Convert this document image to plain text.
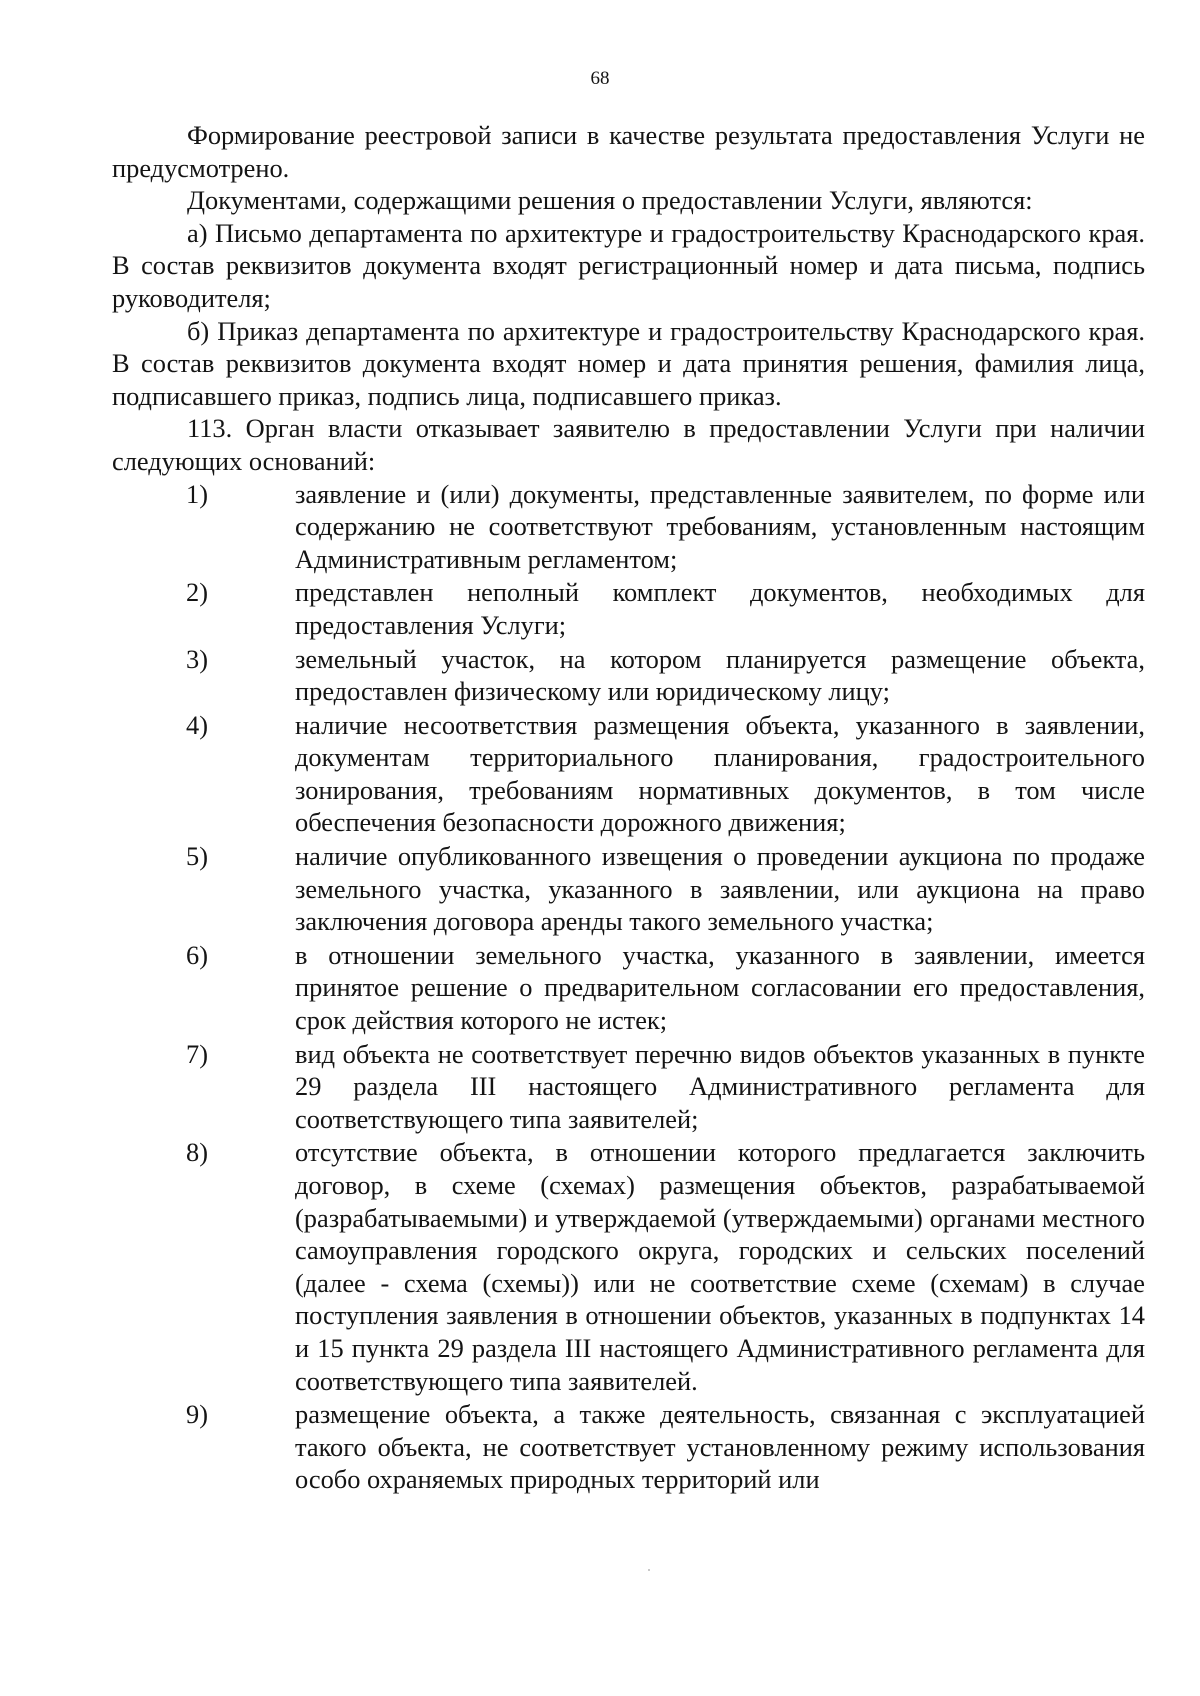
68

Формирование реестровой записи в качестве результата предоставления Услуги не предусмотрено.

Документами, содержащими решения о предоставлении Услуги, являются:

а) Письмо департамента по архитектуре и градостроительству Краснодарского края. В состав реквизитов документа входят регистрационный номер и дата письма, подпись руководителя;

б) Приказ департамента по архитектуре и градостроительству Краснодарского края. В состав реквизитов документа входят номер и дата принятия решения, фамилия лица, подписавшего приказ, подпись лица, подписавшего приказ.

113. Орган власти отказывает заявителю в предоставлении Услуги при наличии следующих оснований:

1)	заявление и (или) документы, представленные заявителем, по форме или содержанию не соответствуют требованиям, установленным настоящим Административным регламентом;
2)	представлен неполный комплект документов, необходимых для предоставления Услуги;
3)	земельный участок, на котором планируется размещение объекта, предоставлен физическому или юридическому лицу;
4)	наличие несоответствия размещения объекта, указанного в заявлении, документам территориального планирования, градостроительного зонирования, требованиям нормативных документов, в том числе обеспечения безопасности дорожного движения;
5)	наличие опубликованного извещения о проведении аукциона по продаже земельного участка, указанного в заявлении, или аукциона на право заключения договора аренды такого земельного участка;
6)	в отношении земельного участка, указанного в заявлении, имеется принятое решение о предварительном согласовании его предоставления, срок действия которого не истек;
7)	вид объекта не соответствует перечню видов объектов указанных в пункте 29 раздела III настоящего Административного регламента для соответствующего типа заявителей;
8)	отсутствие объекта, в отношении которого предлагается заключить договор, в схеме (схемах) размещения объектов, разрабатываемой (разрабатываемыми) и утверждаемой (утверждаемыми) органами местного самоуправления городского округа, городских и сельских поселений (далее - схема (схемы)) или не соответствие схеме (схемам) в случае поступления заявления в отношении объектов, указанных в подпунктах 14 и 15 пункта 29 раздела III настоящего Административного регламента для соответствующего типа заявителей.
9)	размещение объекта, а также деятельность, связанная с эксплуатацией такого объекта, не соответствует установленному режиму использования особо охраняемых природных территорий или
